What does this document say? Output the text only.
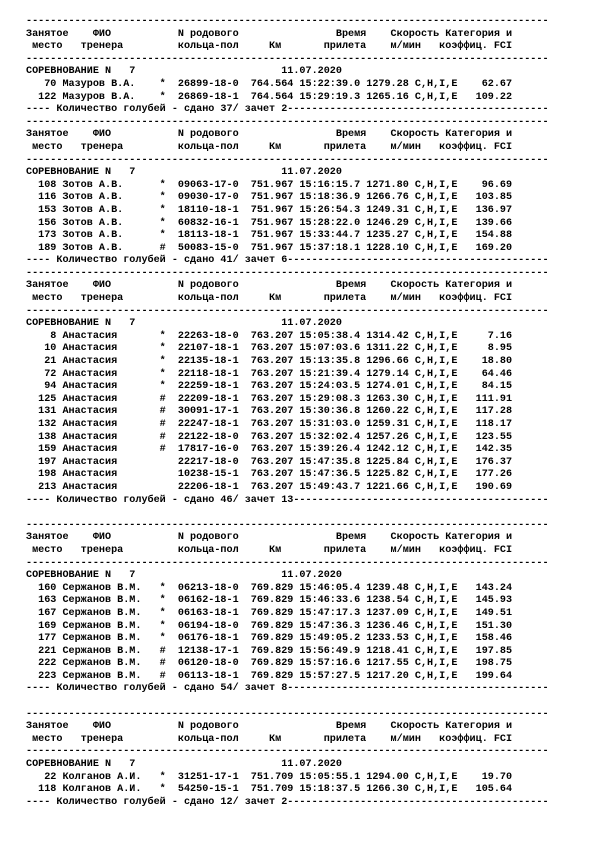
--------------------------------------------------------------------------------------
Занятое    ФИО           N родового                Время    Скорость Категория и
место   тренера         кольца-пол     Км       прилета    м/мин   коэффиц. FCI
--------------------------------------------------------------------------------------
СОРЕВНОВАНИЕ N   7                        11.07.2020
70 Мазуров В.А.    *  26899-18-0  764.564 15:22:39.0 1279.28 C,H,I,E    62.67
122 Мазуров В.А.    *  26869-18-1  764.564 15:29:19.3 1265.16 C,H,I,E   109.22
---- Количество голубей - сдано 37/ зачет 2-------------------------------------------
--------------------------------------------------------------------------------------
Занятое    ФИО           N родового                Время    Скорость Категория и
место   тренера         кольца-пол     Км       прилета    м/мин   коэффиц. FCI
--------------------------------------------------------------------------------------
СОРЕВНОВАНИЕ N   7                        11.07.2020
108 Зотов А.В.      *  09063-17-0  751.967 15:16:15.7 1271.80 C,H,I,E    96.69
116 Зотов А.В.      *  09030-17-0  751.967 15:18:36.9 1266.76 C,H,I,E   103.85
153 Зотов А.В.      *  18110-18-1  751.967 15:26:54.3 1249.31 C,H,I,E   136.97
156 Зотов А.В.      *  60832-16-1  751.967 15:28:22.0 1246.29 C,H,I,E   139.66
173 Зотов А.В.      *  18113-18-1  751.967 15:33:44.7 1235.27 C,H,I,E   154.88
189 Зотов А.В.      #  50083-15-0  751.967 15:37:18.1 1228.10 C,H,I,E   169.20
---- Количество голубей - сдано 41/ зачет 6-------------------------------------------
--------------------------------------------------------------------------------------
Занятое    ФИО           N родового                Время    Скорость Категория и
место   тренера         кольца-пол     Км       прилета    м/мин   коэффиц. FCI
--------------------------------------------------------------------------------------
СОРЕВНОВАНИЕ N   7                        11.07.2020
8 Анастасия       *  22263-18-0  763.207 15:05:38.4 1314.42 C,H,I,E     7.16
10 Анастасия       *  22107-18-1  763.207 15:07:03.6 1311.22 C,H,I,E     8.95
21 Анастасия       *  22135-18-1  763.207 15:13:35.8 1296.66 C,H,I,E    18.80
72 Анастасия       *  22118-18-1  763.207 15:21:39.4 1279.14 C,H,I,E    64.46
94 Анастасия       *  22259-18-1  763.207 15:24:03.5 1274.01 C,H,I,E    84.15
125 Анастасия       #  22209-18-1  763.207 15:29:08.3 1263.30 C,H,I,E   111.91
131 Анастасия       #  30091-17-1  763.207 15:30:36.8 1260.22 C,H,I,E   117.28
132 Анастасия       #  22247-18-1  763.207 15:31:03.0 1259.31 C,H,I,E   118.17
138 Анастасия       #  22122-18-0  763.207 15:32:02.4 1257.26 C,H,I,E   123.55
159 Анастасия       #  17817-16-0  763.207 15:39:26.4 1242.12 C,H,I,E   142.35
197 Анастасия          22217-18-0  763.207 15:47:35.8 1225.84 C,H,I,E   176.37
198 Анастасия          10238-15-1  763.207 15:47:36.5 1225.82 C,H,I,E   177.26
213 Анастасия          22206-18-1  763.207 15:49:43.7 1221.66 C,H,I,E   190.69
---- Количество голубей - сдано 46/ зачет 13------------------------------------------

--------------------------------------------------------------------------------------
Занятое    ФИО           N родового                Время    Скорость Категория и
место   тренера         кольца-пол     Км       прилета    м/мин   коэффиц. FCI
--------------------------------------------------------------------------------------
СОРЕВНОВАНИЕ N   7                        11.07.2020
160 Сержанов В.М.   *  06213-18-0  769.829 15:46:05.4 1239.48 C,H,I,E   143.24
163 Сержанов В.М.   *  06162-18-1  769.829 15:46:33.6 1238.54 C,H,I,E   145.93
167 Сержанов В.М.   *  06163-18-1  769.829 15:47:17.3 1237.09 C,H,I,E   149.51
169 Сержанов В.М.   *  06194-18-0  769.829 15:47:36.3 1236.46 C,H,I,E   151.30
177 Сержанов В.М.   *  06176-18-1  769.829 15:49:05.2 1233.53 C,H,I,E   158.46
221 Сержанов В.М.   #  12138-17-1  769.829 15:56:49.9 1218.41 C,H,I,E   197.85
222 Сержанов В.М.   #  06120-18-0  769.829 15:57:16.6 1217.55 C,H,I,E   198.75
223 Сержанов В.М.   #  06113-18-1  769.829 15:57:27.5 1217.20 C,H,I,E   199.64
---- Количество голубей - сдано 54/ зачет 8-------------------------------------------

--------------------------------------------------------------------------------------
Занятое    ФИО           N родового                Время    Скорость Категория и
место   тренера         кольца-пол     Км       прилета    м/мин   коэффиц. FCI
--------------------------------------------------------------------------------------
СОРЕВНОВАНИЕ N   7                        11.07.2020
22 Колганов А.И.   *  31251-17-1  751.709 15:05:55.1 1294.00 C,H,I,E    19.70
118 Колганов А.И.   *  54250-15-1  751.709 15:18:37.5 1266.30 C,H,I,E   105.64
---- Количество голубей - сдано 12/ зачет 2-------------------------------------------
